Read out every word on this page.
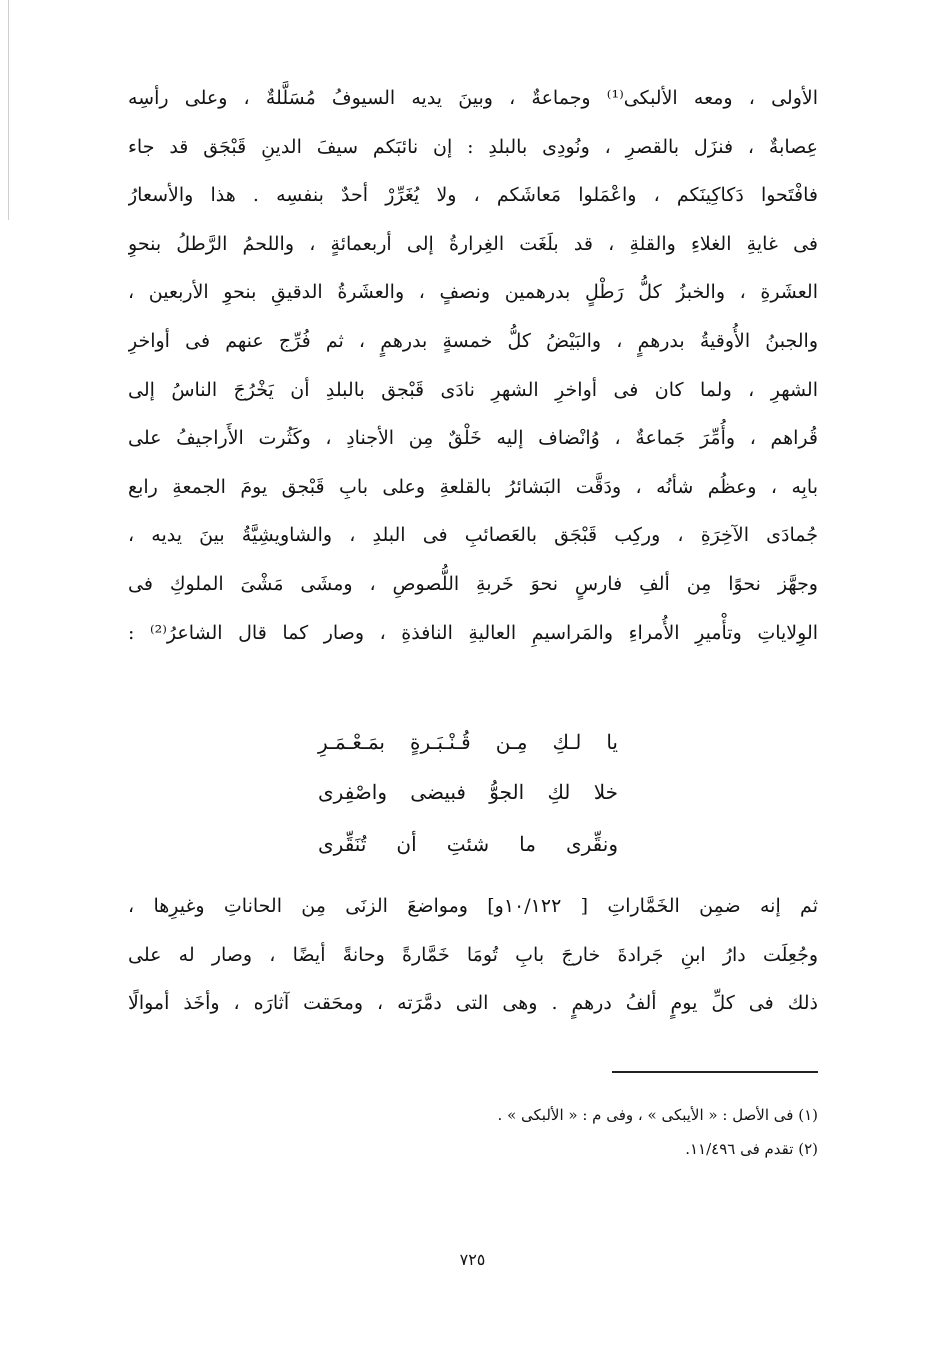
الأولى ، ومعه الألبكى⁽¹⁾ وجماعةٌ ، وبينَ يديه السيوفُ مُسَلَّلةٌ ، وعلى رأسِه
عِصابةٌ ، فنزَل بالقصرِ ، ونُودِى بالبلدِ : إن نائبَكم سيفَ الدينِ قَبْجَق قد جاء
فافْتَحوا دَكاكِينَكم ، واعْمَلوا مَعاشَكم ، ولا يُغَرِّرْ أحدٌ بنفسِه . هذا والأسعارُ
فى غايةِ الغلاءِ والقلةِ ، قد بلَغَت الغِرارةُ إلى أربعمائةٍ ، واللحمُ الرَّطلُ بنحوِ
العشَرةِ ، والخبزُ كلُّ رَطْلٍ بدرهمين ونصفٍ ، والعشَرةُ الدقيقِ بنحوِ الأربعين ،
والجبنُ الأُوقيةُ بدرهمٍ ، والبَيْضُ كلُّ خمسةٍ بدرهمٍ ، ثم فُرِّج عنهم فى أواخرِ
الشهرِ ، ولما كان فى أواخرِ الشهرِ نادَى قَبْجق بالبلدِ أن يَخْرُجَ الناسُ إلى
قُراهم ، وأُمِّرَ جَماعةٌ ، وُانْضاف إليه خَلْقٌ مِن الأجنادِ ، وكَثُرت الأَراجيفُ على
بابِه ، وعظُم شأنُه ، ودَقَّت البَشائرُ بالقلعةِ وعلى بابِ قَبْجق يومَ الجمعةِ رابع
جُمادَى الآخِرَةِ ، وركِب قَبْجَق بالعَصائبِ فى البلدِ ، والشاويشِيَّةُ بينَ يديه ،
وجهَّز نحوًا مِن ألفِ فارسٍ نحوَ خَربةِ اللُّصوصِ ، ومشَى مَشْىَ الملوكِ فى
الوِلاياتِ وتأْميرِ الأُمراءِ والمَراسيمِ العاليةِ النافذةِ ، وصار كما قال الشاعرُ⁽²⁾ :
يا لـكِ مِـن قُـنْـبَـرةٍ بمَـعْـمَـرِ
خلا لكِ الجوُّ فبيضى واصْفِرى
ونقِّرى ما شئتِ أن تُنَقِّرى
ثم إنه ضمِن الخَمَّاراتِ [ ١٠/١٢٢و] ومواضعَ الزنَى مِن الحاناتِ وغيرِها ،
وجُعِلَت دارُ ابنِ جَرادةَ خارجَ بابِ تُومَا خَمَّارةً وحانةً أيضًا ، وصار له على
ذلك فى كلِّ يومٍ ألفُ درهمٍ . وهى التى دمَّرَته ، ومحَقت آثارَه ، وأخَذ أموالًا
(١) فى الأصل : « الأيبكى » ، وفى م : « الألبكى » .
(٢) تقدم فى ١١/٤٩٦.
٧٢٥
